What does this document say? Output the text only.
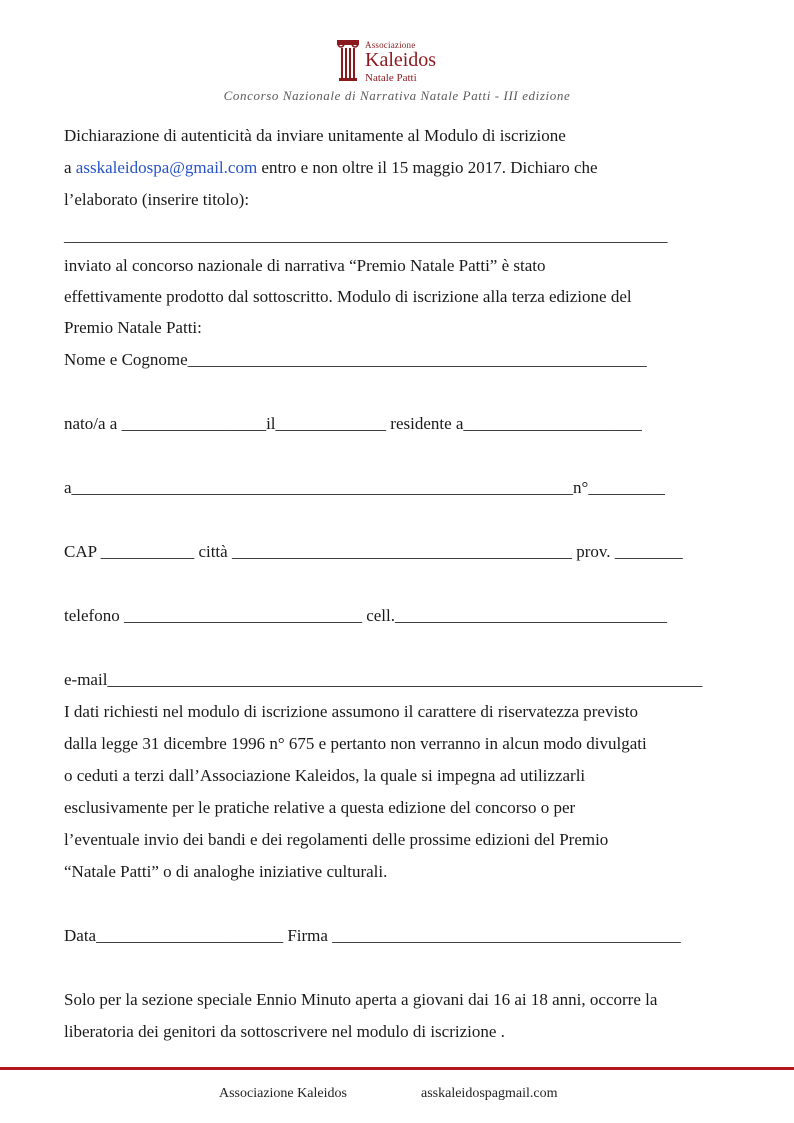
Associazione
Kaleidos
Natale Patti
Concorso Nazionale di Narrativa Natale Patti - III edizione
Dichiarazione di autenticità da inviare unitamente al Modulo di iscrizione
a asskaleidospa@gmail.com entro e non oltre il 15 maggio 2017. Dichiaro che
l’elaborato (inserire titolo):
_______________________________________________________________________
inviato al concorso nazionale di narrativa “Premio Natale Patti” è stato
effettivamente prodotto dal sottoscritto. Modulo di iscrizione alla terza edizione del
Premio Natale Patti:
Nome e Cognome______________________________________________________
nato/a a _________________il_____________ residente a_____________________
a___________________________________________________________n°_________
CAP ___________ città ________________________________________ prov. ________
telefono ____________________________ cell.________________________________
e-mail______________________________________________________________________
I dati richiesti nel modulo di iscrizione assumono il carattere di riservatezza previsto
dalla legge 31 dicembre 1996 n° 675 e pertanto non verranno in alcun modo divulgati
o ceduti a terzi dall’Associazione Kaleidos, la quale si impegna ad utilizzarli
esclusivamente per le pratiche relative a questa edizione del concorso o per
l’eventuale invio dei bandi e dei regolamenti delle prossime edizioni del Premio
“Natale Patti” o di analoghe iniziative culturali.
Data______________________ Firma _________________________________________
Solo per la sezione speciale Ennio Minuto aperta a giovani dai 16 ai 18 anni, occorre la
liberatoria dei genitori da sottoscrivere nel modulo di iscrizione .
Associazione Kaleidos	asskaleidospagmail.com
